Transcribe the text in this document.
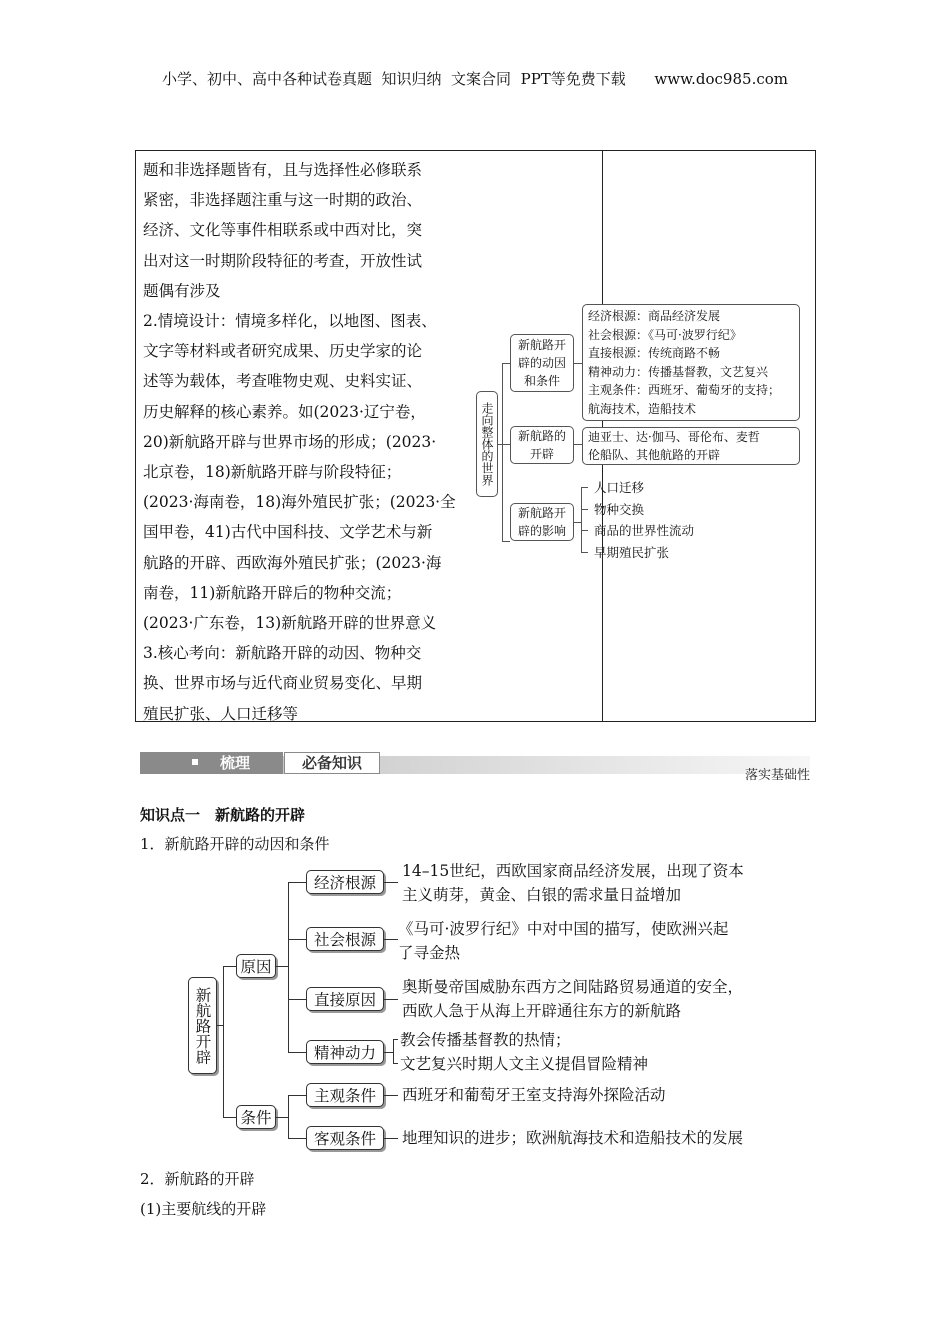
小学、初中、高中各种试卷真题  知识归纳  文案合同  PPT等免费下载      www.doc985.com
题和非选择题皆有，且与选择性必修联系
紧密，非选择题注重与这一时期的政治、
经济、文化等事件相联系或中西对比，突
出对这一时期阶段特征的考查，开放性试
题偶有涉及
2.情境设计：情境多样化，以地图、图表、
文字等材料或者研究成果、历史学家的论
述等为载体，考查唯物史观、史料实证、
历史解释的核心素养。如(2023·辽宁卷，
20)新航路开辟与世界市场的形成；(2023·
北京卷，18)新航路开辟与阶段特征；
(2023·海南卷，18)海外殖民扩张；(2023·全
国甲卷，41)古代中国科技、文学艺术与新
航路的开辟、西欧海外殖民扩张；(2023·海
南卷，11)新航路开辟后的物种交流；
(2023·广东卷，13)新航路开辟的世界意义
3.核心考向：新航路开辟的动因、物种交
换、世界市场与近代商业贸易变化、早期
殖民扩张、人口迁移等
走向整体的世界
新航路开辟的动因和条件
经济根源：商品经济发展
社会根源：《马可·波罗行纪》
直接根源：传统商路不畅
精神动力：传播基督教，文艺复兴
主观条件：西班牙、葡萄牙的支持；
航海技术，造船技术
新航路的开辟
迪亚士、达·伽马、哥伦布、麦哲
伦船队、其他航路的开辟
新航路开辟的影响
人口迁移
物种交换
商品的世界性流动
早期殖民扩张
梳理	必备知识
落实基础性
知识点一　新航路的开辟
1．新航路开辟的动因和条件
新航路开辟
原因
条件
经济根源
社会根源
直接原因
精神动力
主观条件
客观条件
14–15世纪，西欧国家商品经济发展，出现了资本
主义萌芽，黄金、白银的需求量日益增加
《马可·波罗行纪》中对中国的描写，使欧洲兴起
了寻金热
奥斯曼帝国威胁东西方之间陆路贸易通道的安全，
西欧人急于从海上开辟通往东方的新航路
教会传播基督教的热情；
文艺复兴时期人文主义提倡冒险精神
西班牙和葡萄牙王室支持海外探险活动
地理知识的进步；欧洲航海技术和造船技术的发展
2．新航路的开辟
(1)主要航线的开辟
